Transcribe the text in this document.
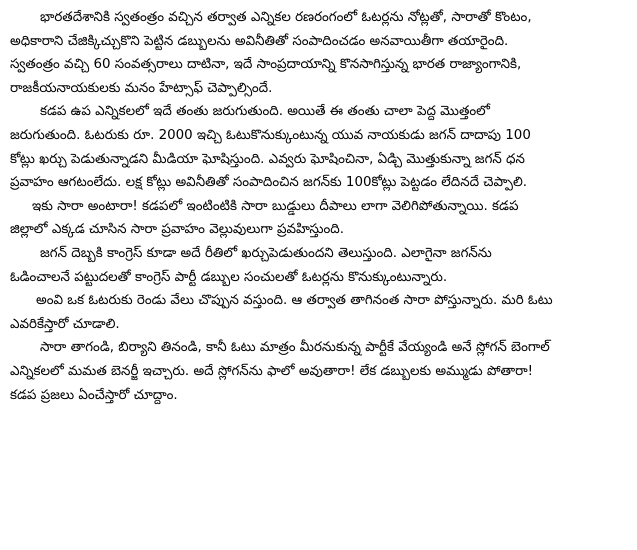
భారతదేశానికి స్వతంత్రం వచ్చిన తర్వాత ఎన్నికల రణరంగంలో ఓటర్లను నోట్లతో, సారాతో కొంటం,
అధికారాని చేజిక్కిచ్చుకొని పెట్టిన డబ్బులను అవినీతితో సంపాదించడం అనవాయితీగా తయారైంది.
స్వతంత్రం వచ్చి 60 సంవత్సరాలు దాటినా, ఇదే సాంప్రదాయాన్ని కొనసాగిస్తున్న భారత రాజ్యాంగానికి,
రాజకీయనాయకులకు మనం హేట్సాఫ్ చెప్పాల్సిందే.
కడప ఉప ఎన్నికలలో ఇదే తంతు జరుగుతుంది. అయితే ఈ తంతు చాలా పెద్ద మొత్తంలో
జరుగుతుంది. ఓటరుకు రూ. 2000 ఇచ్చి ఓటుకొనుక్కుంటున్న యువ నాయకుడు జగన్ దాదాపు 100
కోట్లు ఖర్చు పెడుతున్నాడని మీడియా ఘోషిస్తుంది. ఎవ్వరు ఘోషించినా, ఏడ్చి మొత్తుకున్నా జగన్ ధన
ప్రవాహం ఆగటంలేదు. లక్ష కోట్లు అవినీతితో సంపాదించిన జగన్‌కు 100కోట్లు పెట్టడం లేదినదే చెప్పాలి.
ఇకు సారా అంటారా! కడపలో ఇంటింటికి సారా బుడ్డులు దీపాలు లాగా వెలిగిపోతున్నాయి. కడప
జిల్లాలో ఎక్కడ చూసిన సారా ప్రవాహం వెల్లువులుగా ప్రవహిస్తుంది.
జగన్ దెబ్బకి కాంగ్రెస్ కూడా అదే రీతిలో ఖర్చుపెడుతుందని తెలుస్తుంది. ఎలాగైనా జగన్‌ను
ఓడించాలనే పట్టుదలతో కాంగ్రెస్ పార్టీ డబ్బుల సంచులతో ఓటర్లను కొనుక్కుంటున్నారు.
అంవి ఒక ఓటరుకు రెండు వేలు చొప్పున వస్తుంది. ఆ తర్వాత తాగినంత సారా పోస్తున్నారు. మరి ఓటు
ఎవరికేస్తారో చూడాలి.
సారా తాగండి, బిర్యాని తినండి, కానీ ఓటు మాత్రం మీరనుకున్న పార్టీకే వేయ్యండి అనే స్లోగన్ బెంగాల్
ఎన్నికలలో మమత బెనర్జీ ఇచ్చారు. అదే స్లోగన్‌ను ఫాలో అవుతారా! లేక డబ్బులకు అమ్ముడు పోతారా!
కడప ప్రజలు ఏంచేస్తారో చూద్దాం.
